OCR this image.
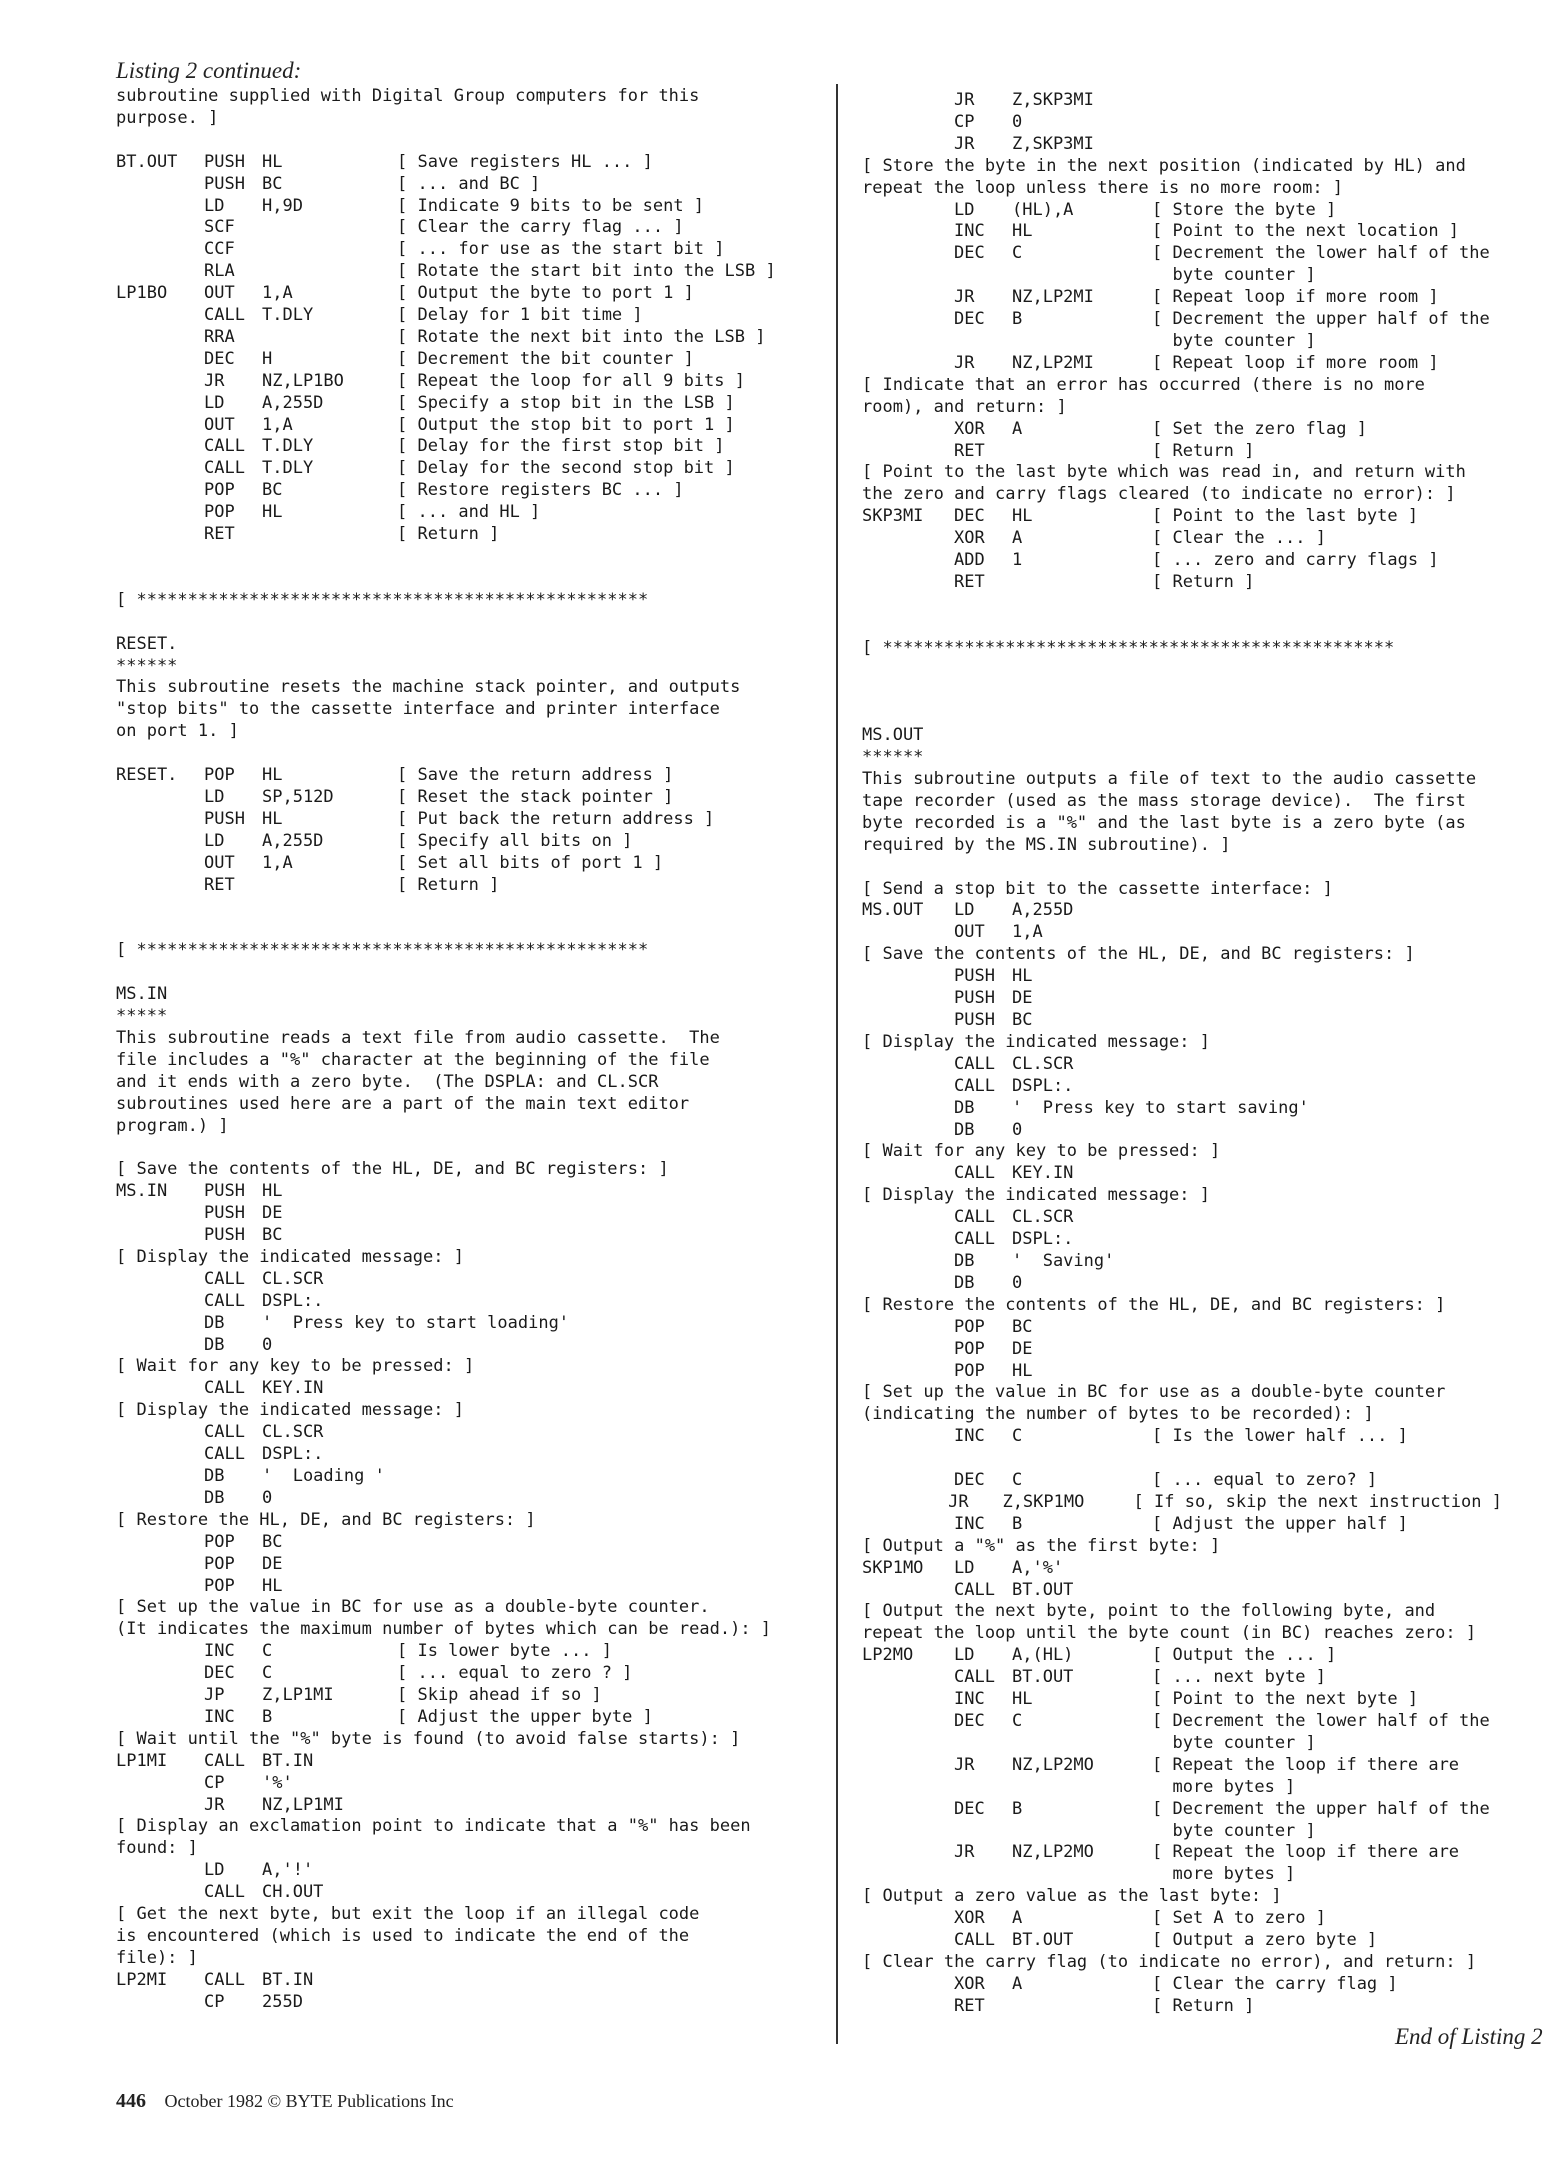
Listing 2 continued:
subroutine supplied with Digital Group computers for this
purpose. ]
BT.OUT	PUSH	HL	[ Save registers HL ... ]
PUSH	BC	[ ... and BC ]
LD	H,9D	[ Indicate 9 bits to be sent ]
SCF	[ Clear the carry flag ... ]
CCF	[ ... for use as the start bit ]
RLA	[ Rotate the start bit into the LSB ]
LP1BO	OUT	1,A	[ Output the byte to port 1 ]
CALL	T.DLY	[ Delay for 1 bit time ]
RRA	[ Rotate the next bit into the LSB ]
DEC	H	[ Decrement the bit counter ]
JR	NZ,LP1BO	[ Repeat the loop for all 9 bits ]
LD	A,255D	[ Specify a stop bit in the LSB ]
OUT	1,A	[ Output the stop bit to port 1 ]
CALL	T.DLY	[ Delay for the first stop bit ]
CALL	T.DLY	[ Delay for the second stop bit ]
POP	BC	[ Restore registers BC ... ]
POP	HL	[ ... and HL ]
RET	[ Return ]
[ **************************************************
RESET.
******
This subroutine resets the machine stack pointer, and outputs
"stop bits" to the cassette interface and printer interface
on port 1. ]
RESET.	POP	HL	[ Save the return address ]
LD	SP,512D	[ Reset the stack pointer ]
PUSH	HL	[ Put back the return address ]
LD	A,255D	[ Specify all bits on ]
OUT	1,A	[ Set all bits of port 1 ]
RET	[ Return ]
[ **************************************************
MS.IN
*****
This subroutine reads a text file from audio cassette.  The
file includes a "%" character at the beginning of the file
and it ends with a zero byte.  (The DSPLA: and CL.SCR
subroutines used here are a part of the main text editor
program.) ]
[ Save the contents of the HL, DE, and BC registers: ]
MS.IN	PUSH	HL
PUSH	DE
PUSH	BC
[ Display the indicated message: ]
CALL	CL.SCR
CALL	DSPL:.
DB	'  Press key to start loading'
DB	0
[ Wait for any key to be pressed: ]
CALL	KEY.IN
[ Display the indicated message: ]
CALL	CL.SCR
CALL	DSPL:.
DB	'  Loading '
DB	0
[ Restore the HL, DE, and BC registers: ]
POP	BC
POP	DE
POP	HL
[ Set up the value in BC for use as a double-byte counter.
(It indicates the maximum number of bytes which can be read.): ]
INC	C	[ Is lower byte ... ]
DEC	C	[ ... equal to zero ? ]
JP	Z,LP1MI	[ Skip ahead if so ]
INC	B	[ Adjust the upper byte ]
[ Wait until the "%" byte is found (to avoid false starts): ]
LP1MI	CALL	BT.IN
CP	'%'
JR	NZ,LP1MI
[ Display an exclamation point to indicate that a "%" has been
found: ]
LD	A,'!'
CALL	CH.OUT
[ Get the next byte, but exit the loop if an illegal code
is encountered (which is used to indicate the end of the
file): ]
LP2MI	CALL	BT.IN
CP	255D
JR	Z,SKP3MI
CP	0
JR	Z,SKP3MI
[ Store the byte in the next position (indicated by HL) and
repeat the loop unless there is no more room: ]
LD	(HL),A	[ Store the byte ]
INC	HL	[ Point to the next location ]
DEC	C	[ Decrement the lower half of the
byte counter ]
JR	NZ,LP2MI	[ Repeat loop if more room ]
DEC	B	[ Decrement the upper half of the
byte counter ]
JR	NZ,LP2MI	[ Repeat loop if more room ]
[ Indicate that an error has occurred (there is no more
room), and return: ]
XOR	A	[ Set the zero flag ]
RET	[ Return ]
[ Point to the last byte which was read in, and return with
the zero and carry flags cleared (to indicate no error): ]
SKP3MI	DEC	HL	[ Point to the last byte ]
XOR	A	[ Clear the ... ]
ADD	1	[ ... zero and carry flags ]
RET	[ Return ]
[ **************************************************
MS.OUT
******
This subroutine outputs a file of text to the audio cassette
tape recorder (used as the mass storage device).  The first
byte recorded is a "%" and the last byte is a zero byte (as
required by the MS.IN subroutine). ]
[ Send a stop bit to the cassette interface: ]
MS.OUT	LD	A,255D
OUT	1,A
[ Save the contents of the HL, DE, and BC registers: ]
PUSH	HL
PUSH	DE
PUSH	BC
[ Display the indicated message: ]
CALL	CL.SCR
CALL	DSPL:.
DB	'  Press key to start saving'
DB	0
[ Wait for any key to be pressed: ]
CALL	KEY.IN
[ Display the indicated message: ]
CALL	CL.SCR
CALL	DSPL:.
DB	'  Saving'
DB	0
[ Restore the contents of the HL, DE, and BC registers: ]
POP	BC
POP	DE
POP	HL
[ Set up the value in BC for use as a double-byte counter
(indicating the number of bytes to be recorded): ]
INC	C	[ Is the lower half ... ]
DEC	C	[ ... equal to zero? ]
JR	Z,SKP1MO	[ If so, skip the next instruction ]
INC	B	[ Adjust the upper half ]
[ Output a "%" as the first byte: ]
SKP1MO	LD	A,'%'
CALL	BT.OUT
[ Output the next byte, point to the following byte, and
repeat the loop until the byte count (in BC) reaches zero: ]
LP2MO	LD	A,(HL)	[ Output the ... ]
CALL	BT.OUT	[ ... next byte ]
INC	HL	[ Point to the next byte ]
DEC	C	[ Decrement the lower half of the
byte counter ]
JR	NZ,LP2MO	[ Repeat the loop if there are
more bytes ]
DEC	B	[ Decrement the upper half of the
byte counter ]
JR	NZ,LP2MO	[ Repeat the loop if there are
more bytes ]
[ Output a zero value as the last byte: ]
XOR	A	[ Set A to zero ]
CALL	BT.OUT	[ Output a zero byte ]
[ Clear the carry flag (to indicate no error), and return: ]
XOR	A	[ Clear the carry flag ]
RET	[ Return ]
End of Listing 2
446 October 1982 © BYTE Publications Inc
